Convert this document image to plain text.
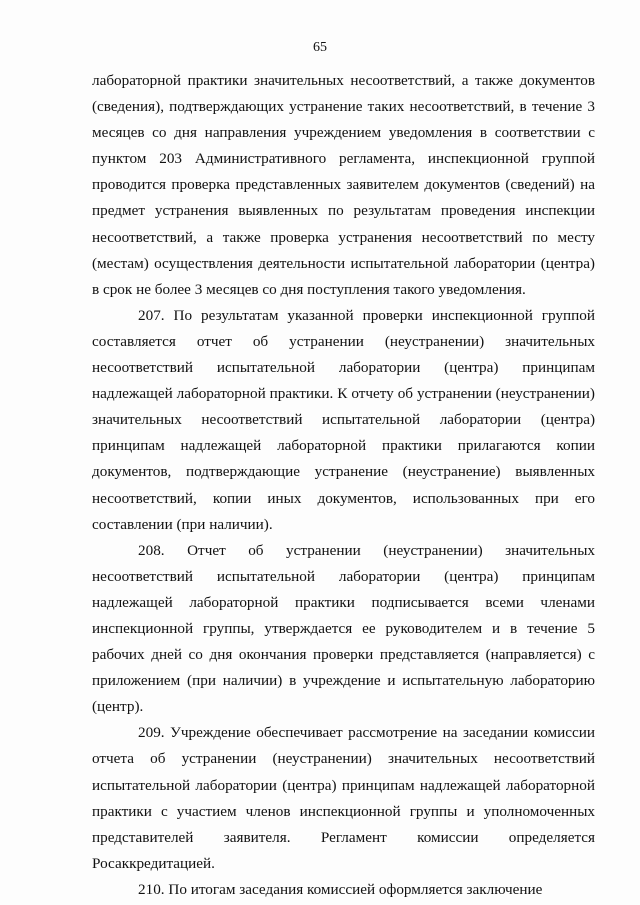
65

лабораторной практики значительных несоответствий, а также документов (сведения), подтверждающих устранение таких несоответствий, в течение 3 месяцев со дня направления учреждением уведомления в соответствии с пунктом 203 Административного регламента, инспекционной группой проводится проверка представленных заявителем документов (сведений) на предмет устранения выявленных по результатам проведения инспекции несоответствий, а также проверка устранения несоответствий по месту (местам) осуществления деятельности испытательной лаборатории (центра) в срок не более 3 месяцев со дня поступления такого уведомления.

207. По результатам указанной проверки инспекционной группой составляется отчет об устранении (неустранении) значительных несоответствий испытательной лаборатории (центра) принципам надлежащей лабораторной практики. К отчету об устранении (неустранении) значительных несоответствий испытательной лаборатории (центра) принципам надлежащей лабораторной практики прилагаются копии документов, подтверждающие устранение (неустранение) выявленных несоответствий, копии иных документов, использованных при его составлении (при наличии).

208. Отчет об устранении (неустранении) значительных несоответствий испытательной лаборатории (центра) принципам надлежащей лабораторной практики подписывается всеми членами инспекционной группы, утверждается ее руководителем и в течение 5 рабочих дней со дня окончания проверки представляется (направляется) с приложением (при наличии) в учреждение и испытательную лабораторию (центр).

209. Учреждение обеспечивает рассмотрение на заседании комиссии отчета об устранении (неустранении) значительных несоответствий испытательной лаборатории (центра) принципам надлежащей лабораторной практики с участием членов инспекционной группы и уполномоченных представителей заявителя. Регламент комиссии определяется Росаккредитацией.

210. По итогам заседания комиссией оформляется заключение
